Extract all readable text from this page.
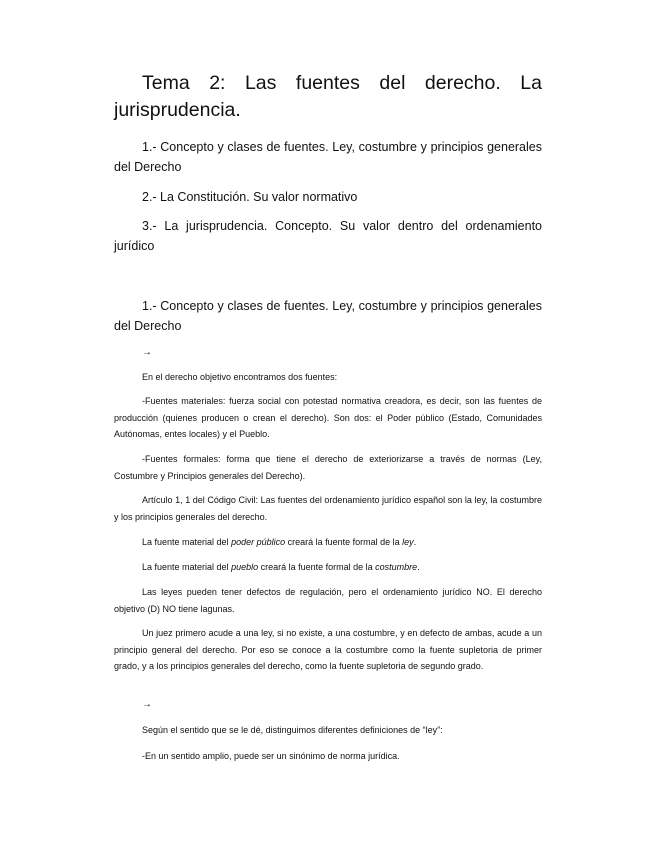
Tema 2: Las fuentes del derecho. La jurisprudencia.

1.- Concepto y clases de fuentes. Ley, costumbre y principios generales del Derecho

2.- La Constitución. Su valor normativo

3.- La jurisprudencia. Concepto. Su valor dentro del ordenamiento jurídico

1.- Concepto y clases de fuentes. Ley, costumbre y principios generales del Derecho

→

En el derecho objetivo encontramos dos fuentes:

-Fuentes materiales: fuerza social con potestad normativa creadora, es decir, son las fuentes de producción (quienes producen o crean el derecho). Son dos: el Poder público (Estado, Comunidades Autónomas, entes locales) y el Pueblo.

-Fuentes formales: forma que tiene el derecho de exteriorizarse a través de normas (Ley, Costumbre y Principios generales del Derecho).

Artículo 1, 1 del Código Civil: Las fuentes del ordenamiento jurídico español son la ley, la costumbre y los principios generales del derecho.

La fuente material del poder público creará la fuente formal de la ley.

La fuente material del pueblo creará la fuente formal de la costumbre.

Las leyes pueden tener defectos de regulación, pero el ordenamiento jurídico NO. El derecho objetivo (D) NO tiene lagunas.

Un juez primero acude a una ley, si no existe, a una costumbre, y en defecto de ambas, acude a un principio general del derecho. Por eso se conoce a la costumbre como la fuente supletoria de primer grado, y a los principios generales del derecho, como la fuente supletoria de segundo grado.

→

Según el sentido que se le dé, distinguimos diferentes definiciones de “ley”:

-En un sentido amplio, puede ser un sinónimo de norma jurídica.
